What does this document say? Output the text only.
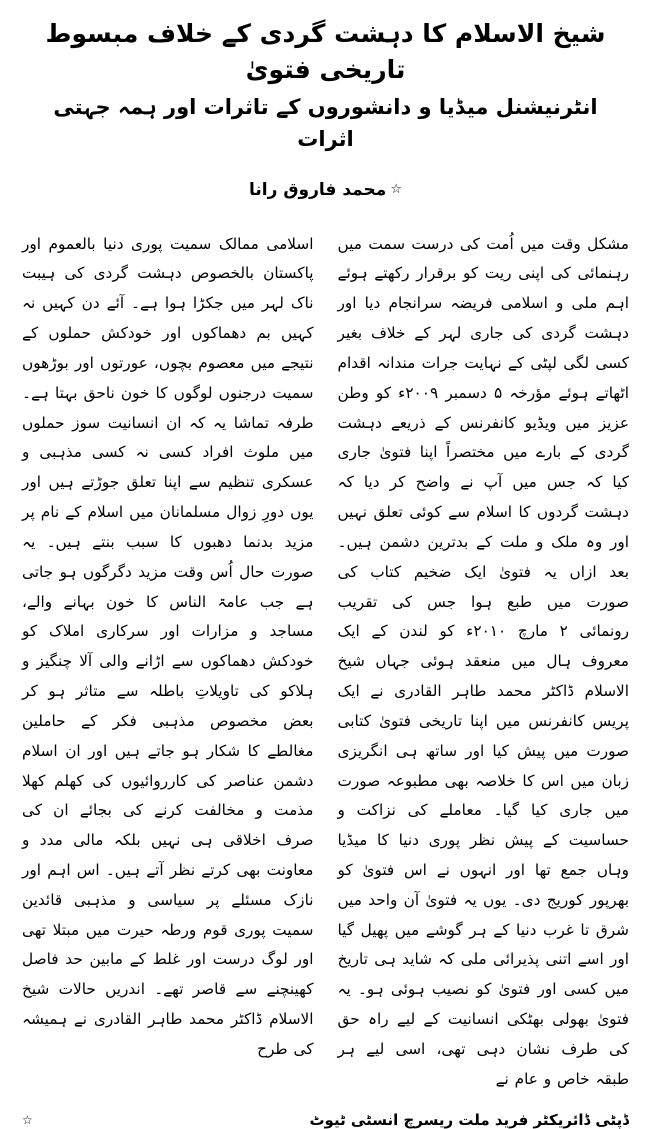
شیخ الاسلام کا دہشت گردی کے خلاف مبسوط تاریخی فتویٰ
انٹرنیشنل میڈیا و دانشوروں کے تاثرات اور ہمہ جہتی اثرات
☆محمد فاروق رانا

مشکل وقت میں اُمت کی درست سمت میں رہنمائی کی اپنی ریت کو برقرار رکھتے ہوئے اہم ملی و اسلامی فریضہ سرانجام دیا اور دہشت گردی کی جاری لہر کے خلاف بغیر کسی لگی لپٹی کے نہایت جرات مندانہ اقدام اٹھاتے ہوئے مؤرخہ ۵ دسمبر ۲۰۰۹ء کو وطن عزیز میں ویڈیو کانفرنس کے ذریعے دہشت گردی کے بارے میں مختصراً اپنا فتویٰ جاری کیا کہ جس میں آپ نے واضح کر دیا کہ دہشت گردوں کا اسلام سے کوئی تعلق نہیں اور وہ ملک و ملت کے بدترین دشمن ہیں۔ بعد ازاں یہ فتویٰ ایک ضخیم کتاب کی صورت میں طبع ہوا جس کی تقریب رونمائی ۲ مارچ ۲۰۱۰ء کو لندن کے ایک معروف ہال میں منعقد ہوئی جہاں شیخ الاسلام ڈاکٹر محمد طاہر القادری نے ایک پریس کانفرنس میں اپنا تاریخی فتویٰ کتابی صورت میں پیش کیا اور ساتھ ہی انگریزی زبان میں اس کا خلاصہ بھی مطبوعہ صورت میں جاری کیا گیا۔ معاملے کی نزاکت و حساسیت کے پیش نظر پوری دنیا کا میڈیا وہاں جمع تھا اور انہوں نے اس فتویٰ کو بھرپور کوریج دی۔ یوں یہ فتویٰ آن واحد میں شرق تا غرب دنیا کے ہر گوشے میں پھیل گیا اور اسے اتنی پذیرائی ملی کہ شاید ہی تاریخ میں کسی اور فتویٰ کو نصیب ہوئی ہو۔ یہ فتویٰ بھولی بھٹکی انسانیت کے لیے راہ حق کی طرف نشان دہی تھی، اسی لیے ہر طبقہ خاص و عام نے

اسلامی ممالک سمیت پوری دنیا بالعموم اور پاکستان بالخصوص دہشت گردی کی ہیبت ناک لہر میں جکڑا ہوا ہے۔ آئے دن کہیں نہ کہیں بم دھماکوں اور خودکش حملوں کے نتیجے میں معصوم بچوں، عورتوں اور بوڑھوں سمیت درجنوں لوگوں کا خون ناحق بہتا ہے۔ طرفہ تماشا یہ کہ ان انسانیت سوز حملوں میں ملوث افراد کسی نہ کسی مذہبی و عسکری تنظیم سے اپنا تعلق جوڑتے ہیں اور یوں دورِ زوال مسلمانان میں اسلام کے نام پر مزید بدنما دھبوں کا سبب بنتے ہیں۔ یہ صورت حال اُس وقت مزید دگرگوں ہو جاتی ہے جب عامۃ الناس کا خون بہانے والے، مساجد و مزارات اور سرکاری املاک کو خودکش دھماکوں سے اڑانے والی آلا چنگیز و ہلاکو کی تاویلاتِ باطلہ سے متاثر ہو کر بعض مخصوص مذہبی فکر کے حاملین مغالطے کا شکار ہو جاتے ہیں اور ان اسلام دشمن عناصر کی کارروائیوں کی کھلم کھلا مذمت و مخالفت کرنے کی بجائے ان کی صرف اخلاقی ہی نہیں بلکہ مالی مدد و معاونت بھی کرتے نظر آتے ہیں۔ اس اہم اور نازک مسئلے پر سیاسی و مذہبی قائدین سمیت پوری قوم ورطہ حیرت میں مبتلا تھی اور لوگ درست اور غلط کے مابین حد فاصل کھینچنے سے قاصر تھے۔ اندریں حالات شیخ الاسلام ڈاکٹر محمد طاہر القادری نے ہمیشہ کی طرح

ڈپٹی ڈائریکٹر فرید ملت ریسرچ انسٹی ٹیوٹ
☆
